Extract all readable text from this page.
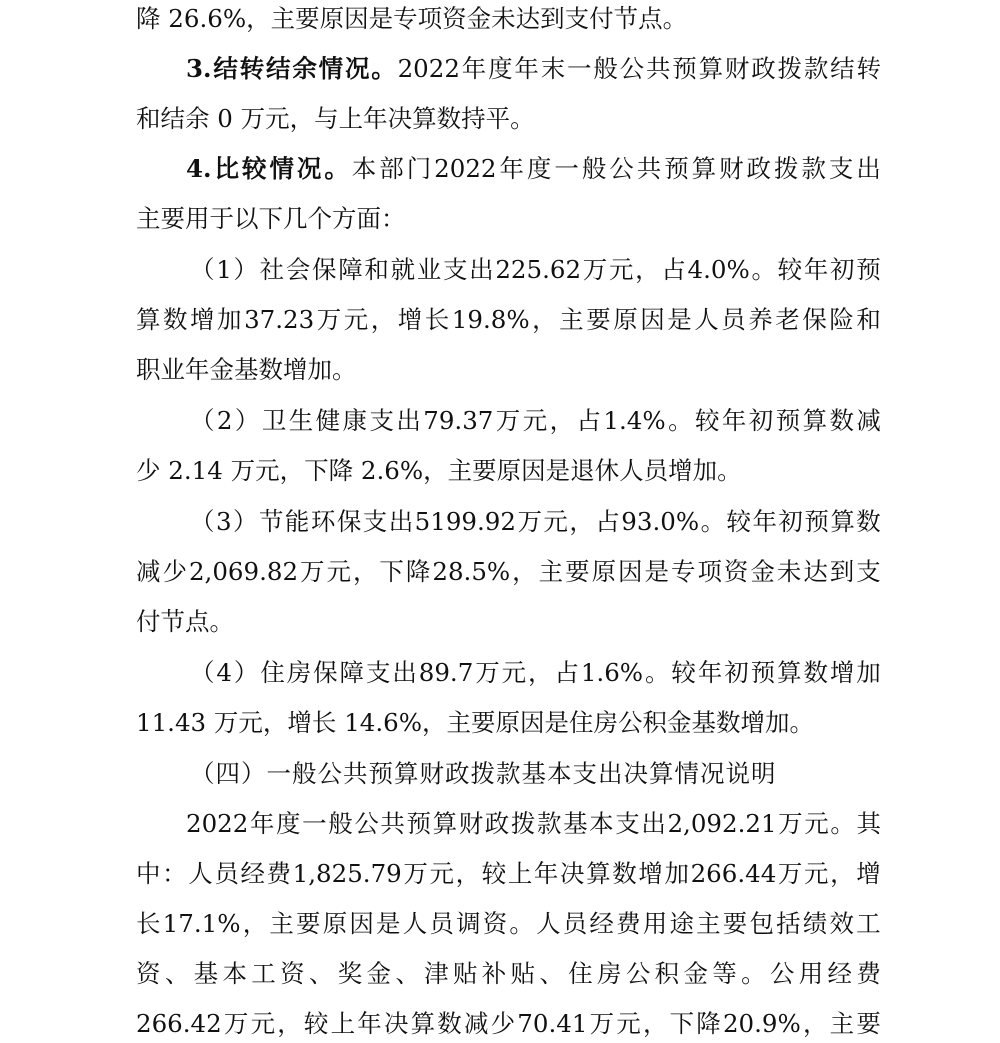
降 26.6%，主要原因是专项资金未达到支付节点。
3. 结 转 结 余 情 况 。 2022 年 度 年 末 一 般 公 共 预 算 财 政 拨 款 结 转
和结余 0 万元，与上年决算数持平。
4. 比 较 情 况 。 本 部 门 2022 年 度 一 般 公 共 预 算 财 政 拨 款 支 出
主要用于以下几个方面：
（ 1 ） 社 会 保 障 和 就 业 支 出 225.62 万 元 ， 占 4.0% 。 较 年 初 预
算 数 增 加 37.23 万 元 ， 增 长 19.8% ， 主 要 原 因 是 人 员 养 老 保 险 和
职业年金基数增加。
（ 2 ） 卫 生 健 康 支 出 79.37 万 元 ， 占 1.4% 。 较 年 初 预 算 数 减
少 2.14 万元，下降 2.6%，主要原因是退休人员增加。
（ 3 ） 节 能 环 保 支 出 5199.92 万 元 ， 占 93.0% 。 较 年 初 预 算 数
减 少 2,069.82 万 元 ， 下 降 28.5% ， 主 要 原 因 是 专 项 资 金 未 达 到 支
付节点。
（ 4 ） 住 房 保 障 支 出 89.7 万 元 ， 占 1.6% 。 较 年 初 预 算 数 增 加
11.43 万元，增长 14.6%，主要原因是住房公积金基数增加。
（四）一般公共预算财政拨款基本支出决算情况说明
2022 年 度 一 般 公 共 预 算 财 政 拨 款 基 本 支 出 2,092.21 万 元 。 其
中 ： 人 员 经 费 1,825.79 万 元 ， 较 上 年 决 算 数 增 加 266.44 万 元 ， 增
长 17.1% ， 主 要 原 因 是 人 员 调 资 。 人 员 经 费 用 途 主 要 包 括 绩 效 工
资 、 基 本 工 资 、 奖 金 、 津 贴 补 贴 、 住 房 公 积 金 等 。 公 用 经 费
266.42 万 元 ， 较 上 年 决 算 数 减 少 70.41 万 元 ， 下 降 20.9% ， 主 要
